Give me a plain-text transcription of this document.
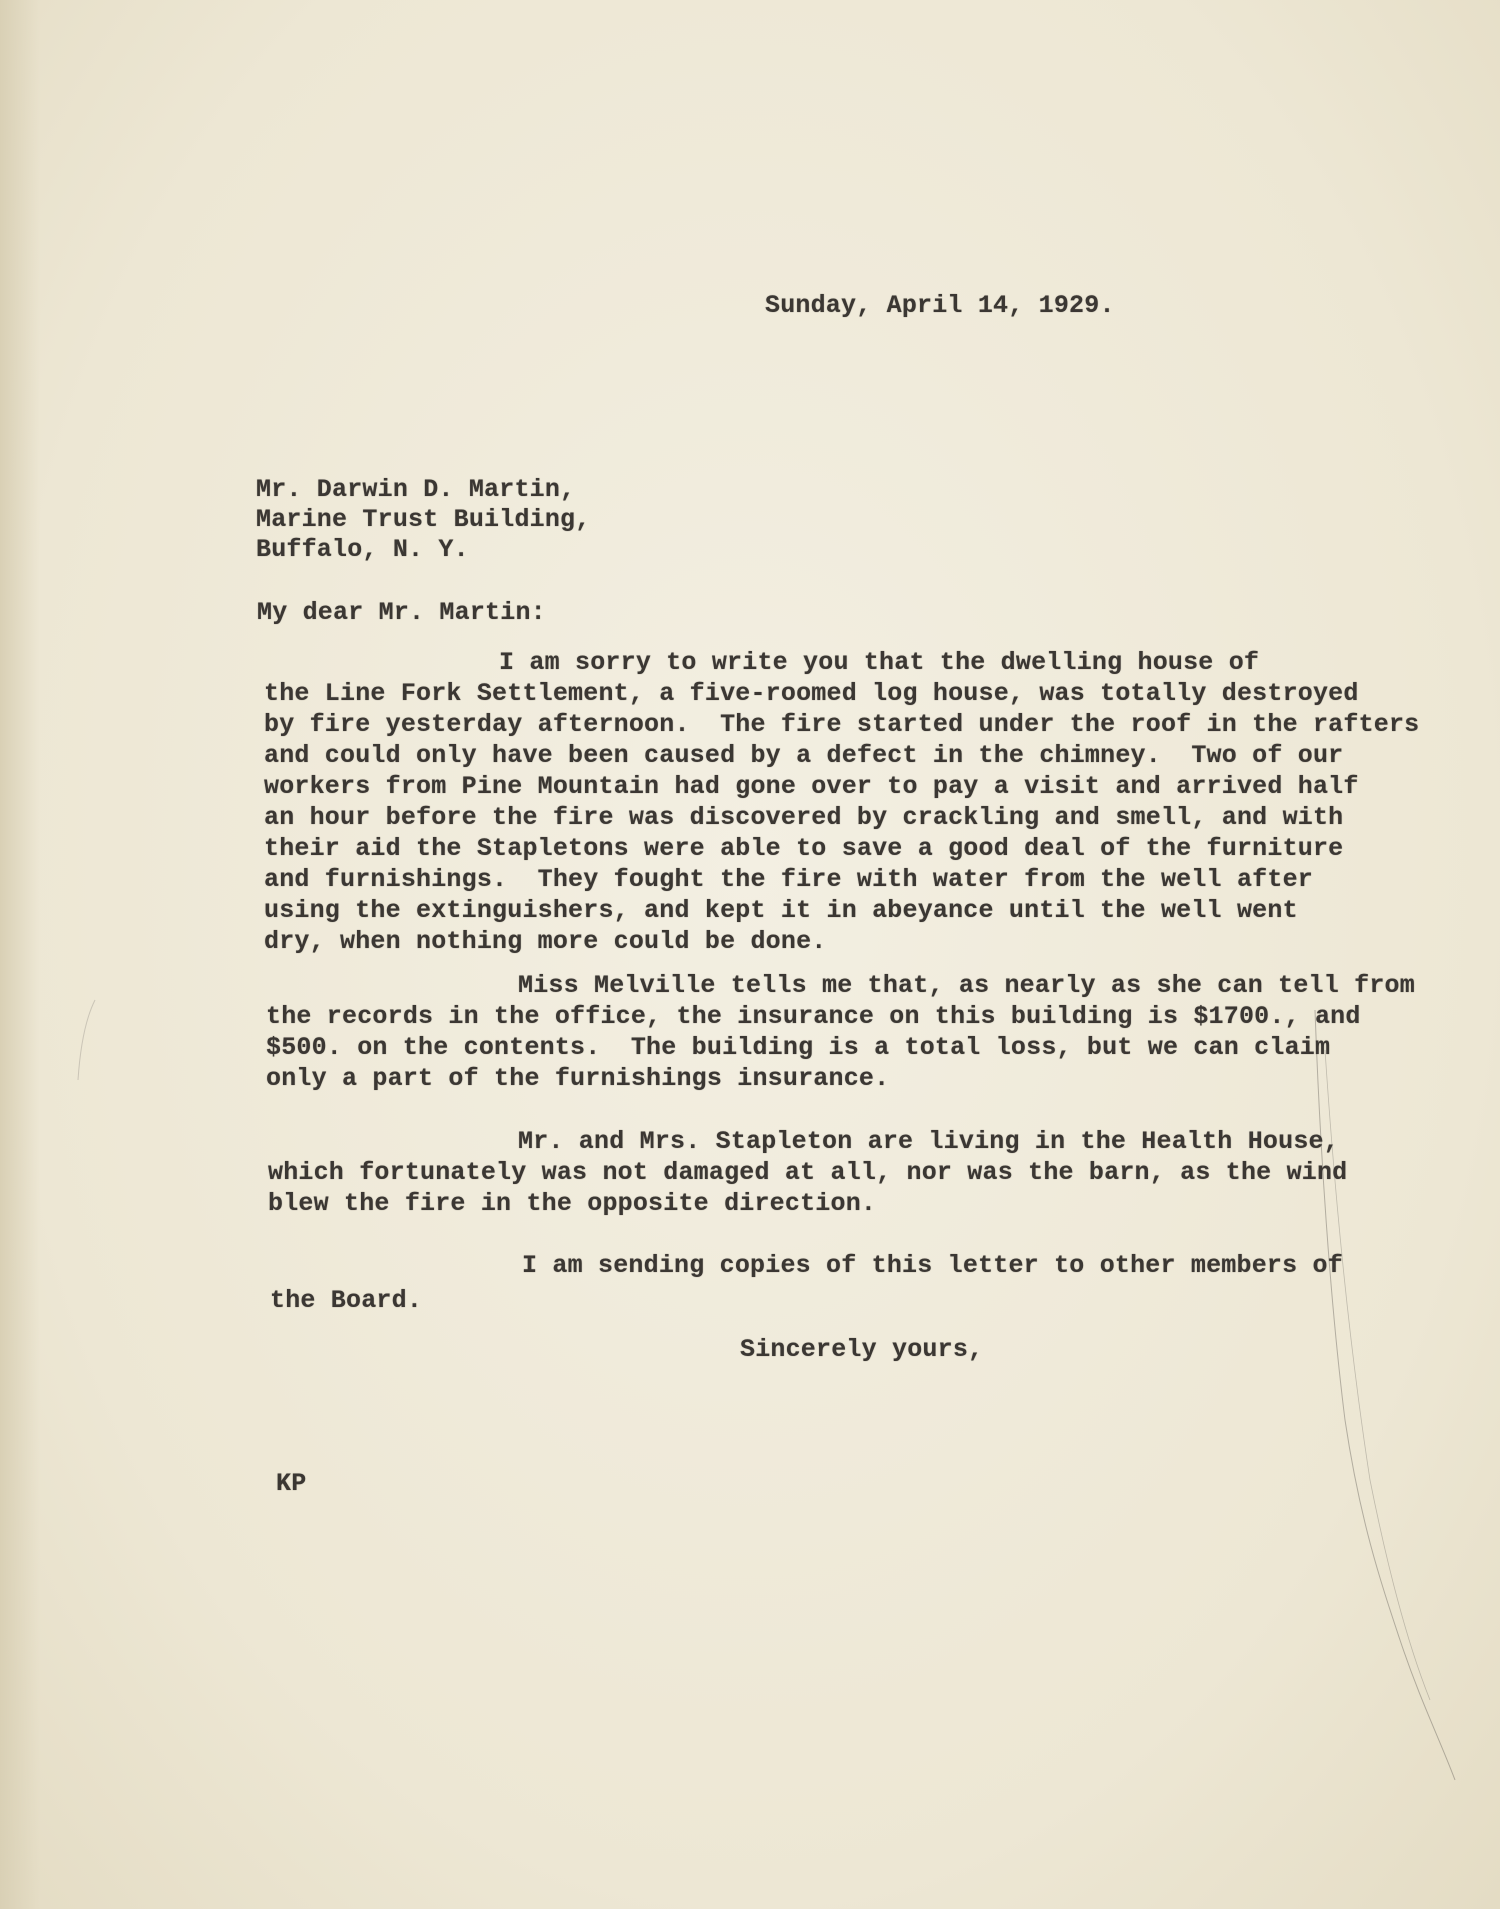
Sunday, April 14, 1929.
Mr. Darwin D. Martin,
Marine Trust Building,
Buffalo, N. Y.
My dear Mr. Martin:
I am sorry to write you that the dwelling house of
the Line Fork Settlement, a five-roomed log house, was totally destroyed
by fire yesterday afternoon.  The fire started under the roof in the rafters
and could only have been caused by a defect in the chimney.  Two of our
workers from Pine Mountain had gone over to pay a visit and arrived half
an hour before the fire was discovered by crackling and smell, and with
their aid the Stapletons were able to save a good deal of the furniture
and furnishings.  They fought the fire with water from the well after
using the extinguishers, and kept it in abeyance until the well went
dry, when nothing more could be done.
Miss Melville tells me that, as nearly as she can tell from
the records in the office, the insurance on this building is $1700., and
$500. on the contents.  The building is a total loss, but we can claim
only a part of the furnishings insurance.
Mr. and Mrs. Stapleton are living in the Health House,
which fortunately was not damaged at all, nor was the barn, as the wind
blew the fire in the opposite direction.
I am sending copies of this letter to other members of
the Board.
Sincerely yours,
KP
